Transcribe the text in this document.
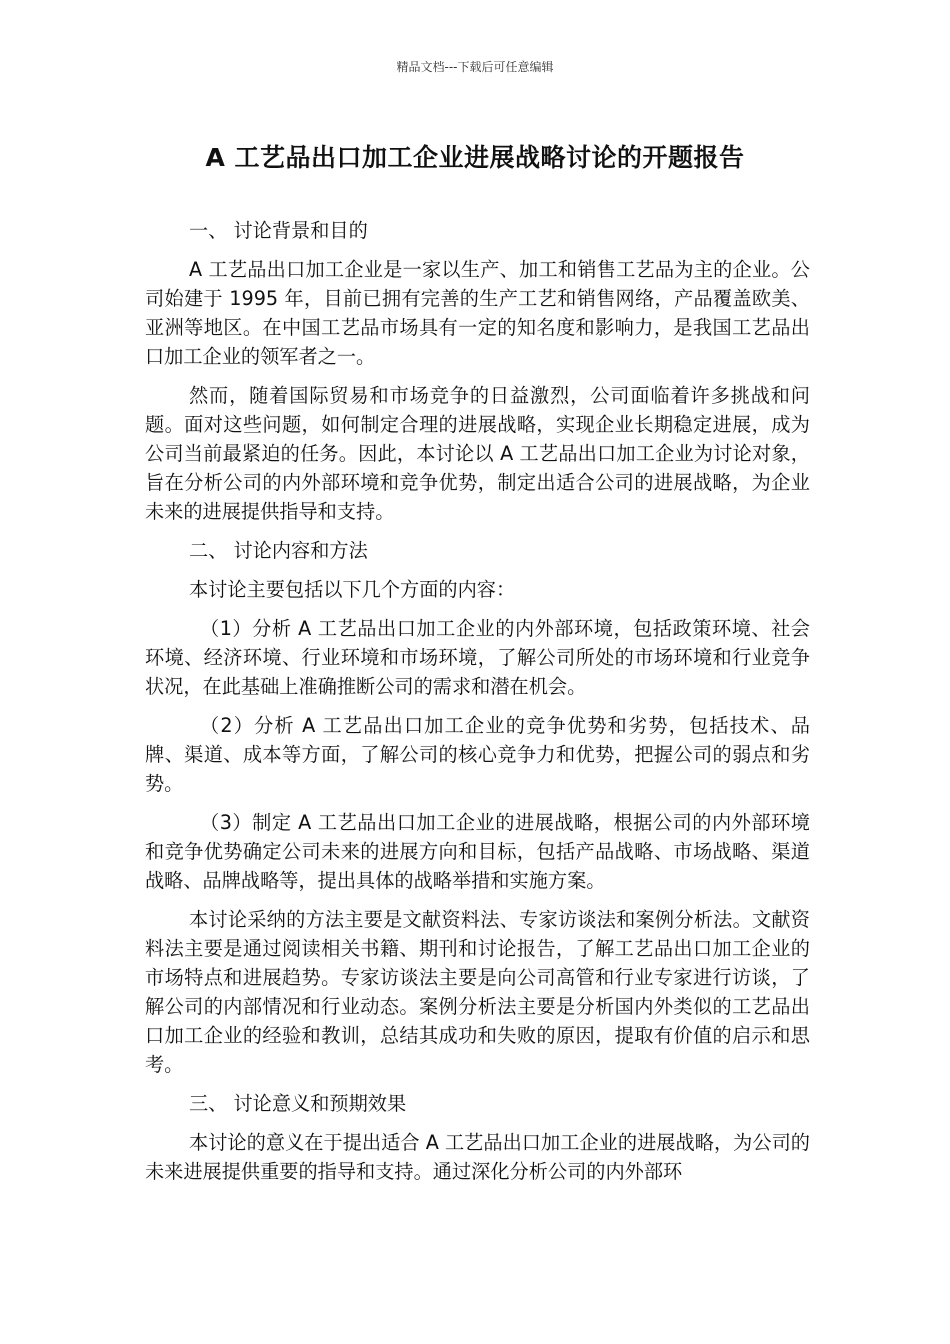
精品文档---下载后可任意编辑
A 工艺品出口加工企业进展战略讨论的开题报告

一、 讨论背景和目的

A 工艺品出口加工企业是一家以生产、加工和销售工艺品为主的企业。公司始建于 1995 年，目前已拥有完善的生产工艺和销售网络，产品覆盖欧美、亚洲等地区。在中国工艺品市场具有一定的知名度和影响力，是我国工艺品出口加工企业的领军者之一。

然而，随着国际贸易和市场竞争的日益激烈，公司面临着许多挑战和问题。面对这些问题，如何制定合理的进展战略，实现企业长期稳定进展，成为公司当前最紧迫的任务。因此，本讨论以 A 工艺品出口加工企业为讨论对象，旨在分析公司的内外部环境和竞争优势，制定出适合公司的进展战略，为企业未来的进展提供指导和支持。

二、 讨论内容和方法

本讨论主要包括以下几个方面的内容：

（1）分析 A 工艺品出口加工企业的内外部环境，包括政策环境、社会环境、经济环境、行业环境和市场环境，了解公司所处的市场环境和行业竞争状况，在此基础上准确推断公司的需求和潜在机会。

（2）分析 A 工艺品出口加工企业的竞争优势和劣势，包括技术、品牌、渠道、成本等方面，了解公司的核心竞争力和优势，把握公司的弱点和劣势。

（3）制定 A 工艺品出口加工企业的进展战略，根据公司的内外部环境和竞争优势确定公司未来的进展方向和目标，包括产品战略、市场战略、渠道战略、品牌战略等，提出具体的战略举措和实施方案。

本讨论采纳的方法主要是文献资料法、专家访谈法和案例分析法。文献资料法主要是通过阅读相关书籍、期刊和讨论报告，了解工艺品出口加工企业的市场特点和进展趋势。专家访谈法主要是向公司高管和行业专家进行访谈，了解公司的内部情况和行业动态。案例分析法主要是分析国内外类似的工艺品出口加工企业的经验和教训，总结其成功和失败的原因，提取有价值的启示和思考。

三、 讨论意义和预期效果

本讨论的意义在于提出适合 A 工艺品出口加工企业的进展战略，为公司的未来进展提供重要的指导和支持。通过深化分析公司的内外部环
